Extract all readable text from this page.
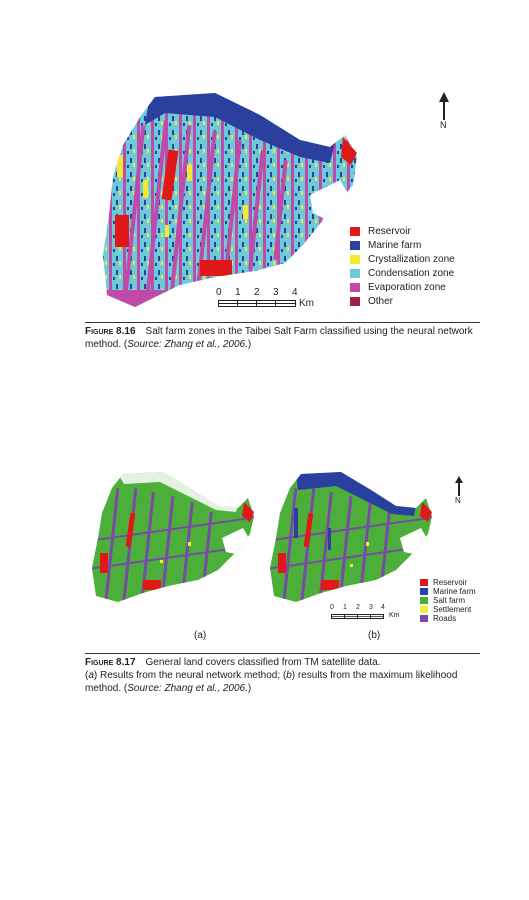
N
Reservoir
Marine farm
Crystallization zone
Condensation zone
Evaporation zone
Other
0 1 2 3 4
Km
Figure 8.16 Salt farm zones in the Taibei Salt Farm classified using the neural network method. (Source: Zhang et al., 2006.)
N
Reservoir
Marine farm
Salt farm
Settlement
Roads
0 1 2 3 4
Km
(a)	(b)
Figure 8.17 General land covers classified from TM satellite data.
(a) Results from the neural network method; (b) results from the maximum likelihood method. (Source: Zhang et al., 2006.)
